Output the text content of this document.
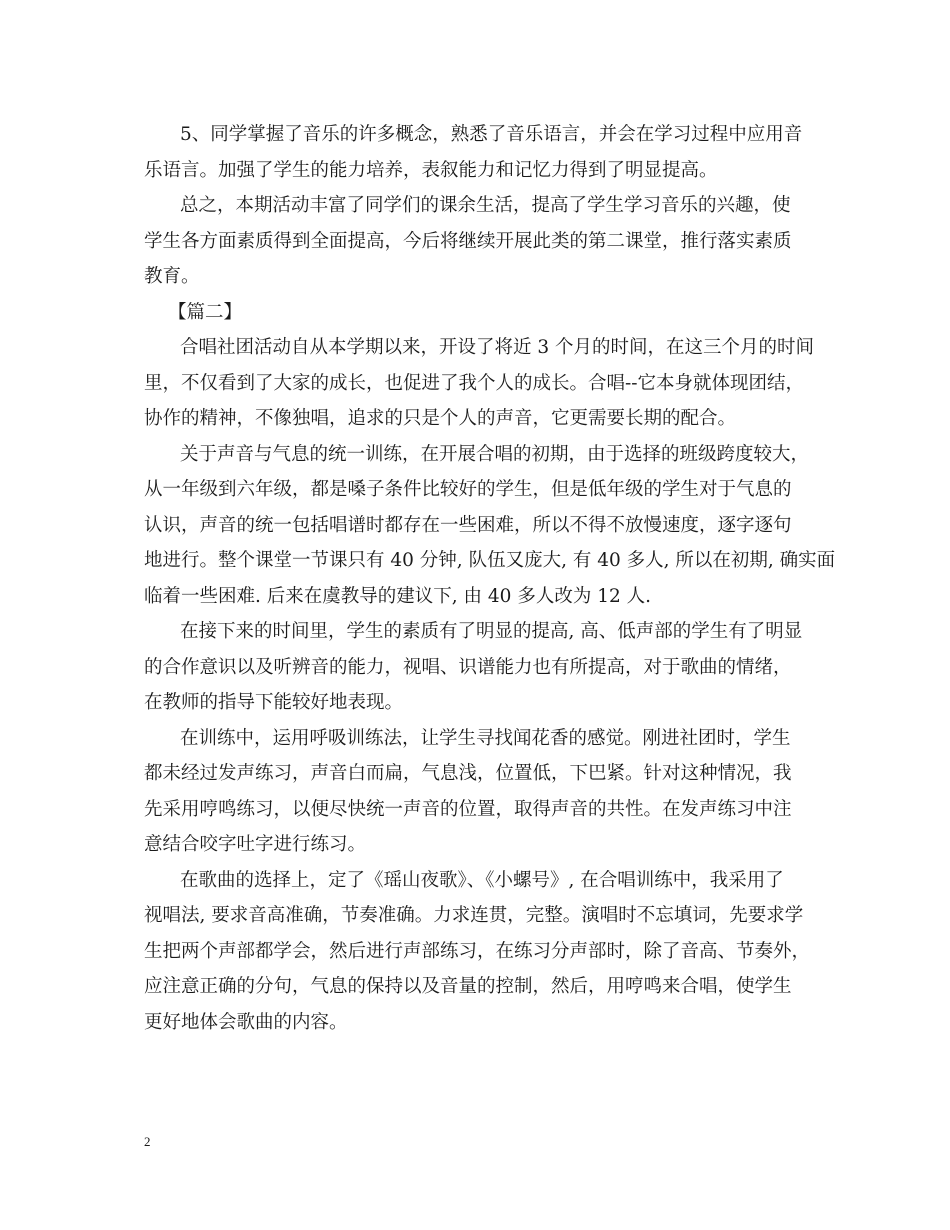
5、同学掌握了音乐的许多概念，熟悉了音乐语言，并会在学习过程中应用音
乐语言。加强了学生的能力培养，表叙能力和记忆力得到了明显提高。
总之，本期活动丰富了同学们的课余生活，提高了学生学习音乐的兴趣，使
学生各方面素质得到全面提高，今后将继续开展此类的第二课堂，推行落实素质
教育。
【篇二】
合唱社团活动自从本学期以来，开设了将近 3 个月的时间，在这三个月的时间
里，不仅看到了大家的成长，也促进了我个人的成长。合唱--它本身就体现团结，
协作的精神，不像独唱，追求的只是个人的声音，它更需要长期的配合。
关于声音与气息的统一训练，在开展合唱的初期，由于选择的班级跨度较大，
从一年级到六年级，都是嗓子条件比较好的学生，但是低年级的学生对于气息的
认识，声音的统一包括唱谱时都存在一些困难，所以不得不放慢速度，逐字逐句
地进行。整个课堂一节课只有 40 分钟, 队伍又庞大, 有 40 多人, 所以在初期, 确实面
临着一些困难. 后来在虞教导的建议下, 由 40 多人改为 12 人.
在接下来的时间里，学生的素质有了明显的提高, 高、低声部的学生有了明显
的合作意识以及听辨音的能力，视唱、识谱能力也有所提高，对于歌曲的情绪，
在教师的指导下能较好地表现。
在训练中，运用呼吸训练法，让学生寻找闻花香的感觉。刚进社团时，学生
都未经过发声练习，声音白而扁，气息浅，位置低，下巴紧。针对这种情况，我
先采用哼鸣练习，以便尽快统一声音的位置，取得声音的共性。在发声练习中注
意结合咬字吐字进行练习。
在歌曲的选择上，定了《瑶山夜歌》、《小螺号》, 在合唱训练中，我采用了
视唱法, 要求音高准确，节奏准确。力求连贯，完整。演唱时不忘填词，先要求学
生把两个声部都学会，然后进行声部练习，在练习分声部时，除了音高、节奏外，
应注意正确的分句，气息的保持以及音量的控制，然后，用哼鸣来合唱，使学生
更好地体会歌曲的内容。
2
